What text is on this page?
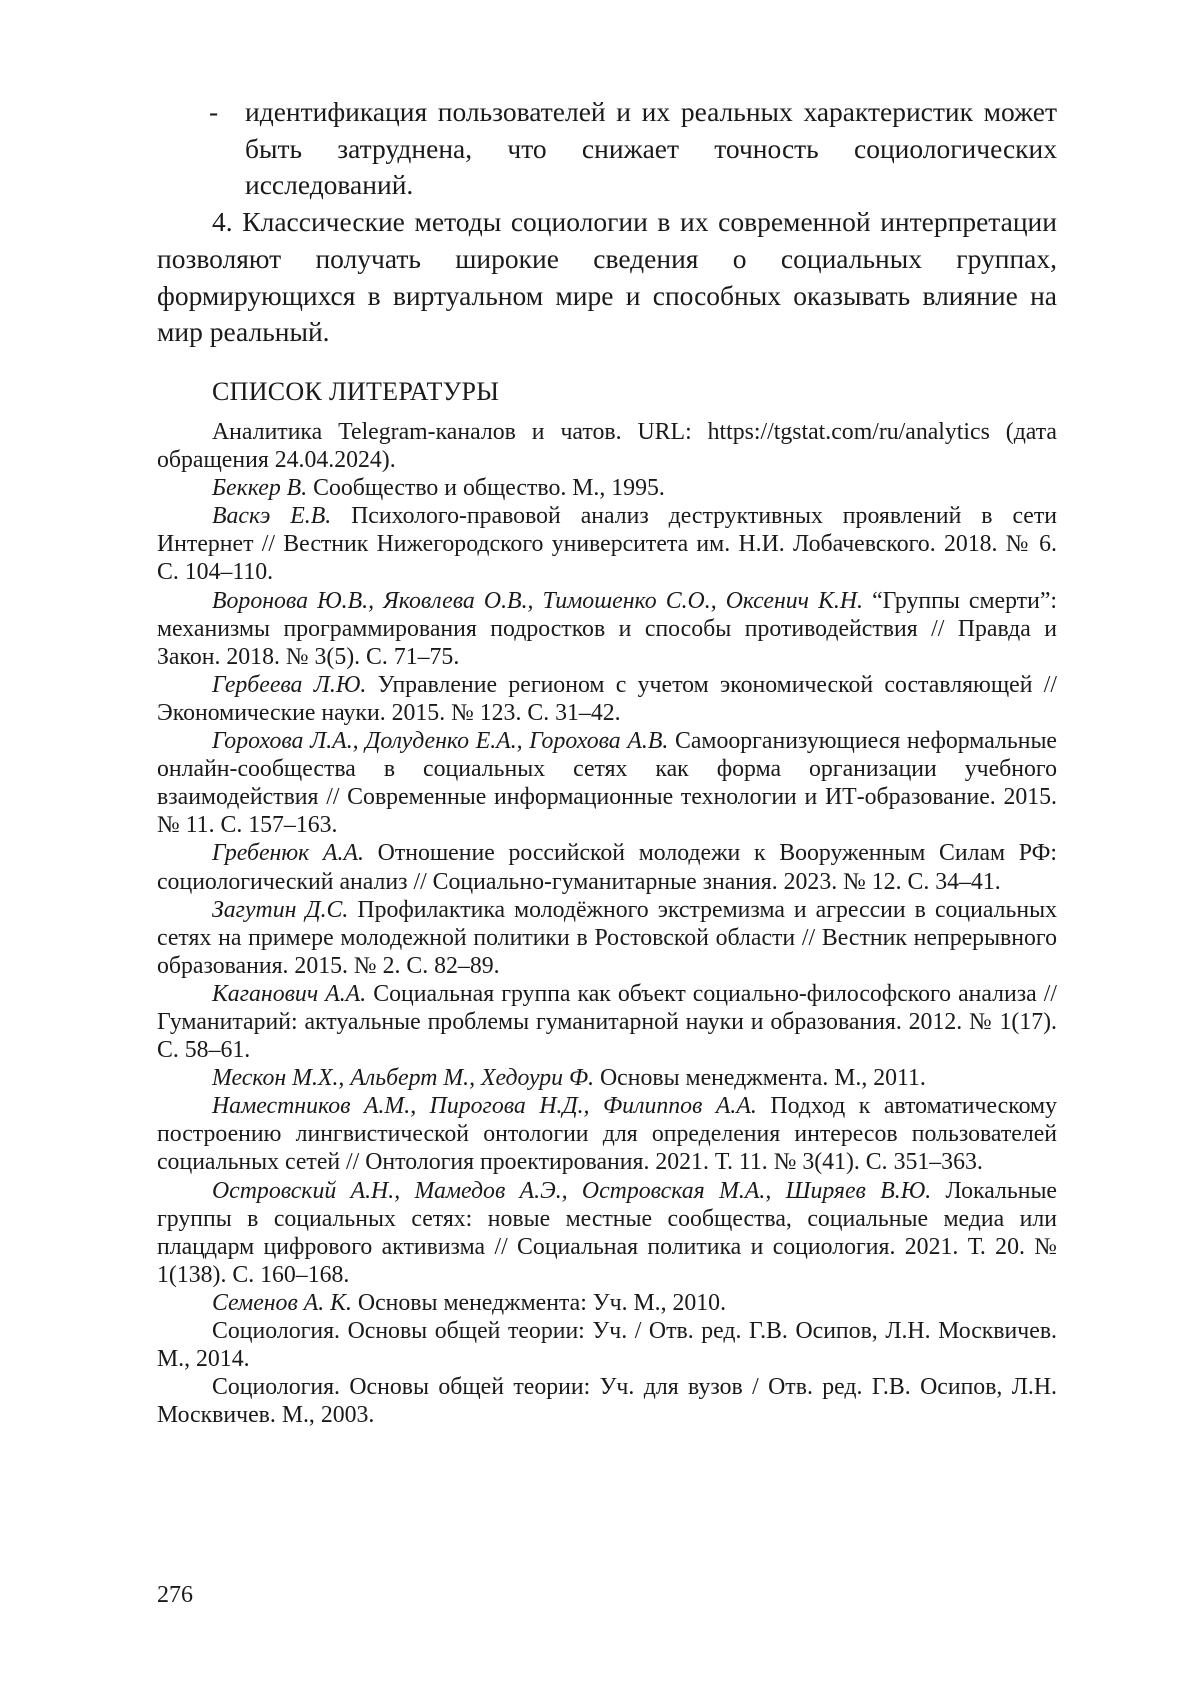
- идентификация пользователей и их реальных характеристик может быть затруднена, что снижает точность социологических исследований.

4. Классические методы социологии в их современной интерпретации позволяют получать широкие сведения о социальных группах, формирующихся в виртуальном мире и способных оказывать влияние на мир реальный.

СПИСОК ЛИТЕРАТУРЫ
Аналитика Telegram-каналов и чатов. URL: https://tgstat.com/ru/analytics (дата обращения 24.04.2024).
Беккер В. Сообщество и общество. М., 1995.
Васкэ Е.В. Психолого-правовой анализ деструктивных проявлений в сети Интернет // Вестник Нижегородского университета им. Н.И. Лобачевского. 2018. № 6. С. 104–110.
Воронова Ю.В., Яковлева О.В., Тимошенко С.О., Оксенич К.Н. “Группы смерти”: механизмы программирования подростков и способы противодействия // Правда и Закон. 2018. № 3(5). С. 71–75.
Гербеева Л.Ю. Управление регионом с учетом экономической составляющей // Экономические науки. 2015. № 123. С. 31–42.
Горохова Л.А., Долуденко Е.А., Горохова А.В. Самоорганизующиеся неформальные онлайн-сообщества в социальных сетях как форма организации учебного взаимодействия // Современные информационные технологии и ИТ-образование. 2015. № 11. С. 157–163.
Гребенюк А.А. Отношение российской молодежи к Вооруженным Силам РФ: социологический анализ // Социально-гуманитарные знания. 2023. № 12. С. 34–41.
Загутин Д.С. Профилактика молодёжного экстремизма и агрессии в социальных сетях на примере молодежной политики в Ростовской области // Вестник непрерывного образования. 2015. № 2. С. 82–89.
Каганович А.А. Социальная группа как объект социально-философского анализа // Гуманитарий: актуальные проблемы гуманитарной науки и образования. 2012. № 1(17). С. 58–61.
Мескон М.Х., Альберт М., Хедоури Ф. Основы менеджмента. М., 2011.
Наместников А.М., Пирогова Н.Д., Филиппов А.А. Подход к автоматическому построению лингвистической онтологии для определения интересов пользователей социальных сетей // Онтология проектирования. 2021. Т. 11. № 3(41). С. 351–363.
Островский А.Н., Мамедов А.Э., Островская М.А., Ширяев В.Ю. Локальные группы в социальных сетях: новые местные сообщества, социальные медиа или плацдарм цифрового активизма // Социальная политика и социология. 2021. Т. 20. № 1(138). С. 160–168.
Семенов А. К. Основы менеджмента: Уч. М., 2010.
Социология. Основы общей теории: Уч. / Отв. ред. Г.В. Осипов, Л.Н. Москвичев. М., 2014.
Социология. Основы общей теории: Уч. для вузов / Отв. ред. Г.В. Осипов, Л.Н. Москвичев. М., 2003.
276
